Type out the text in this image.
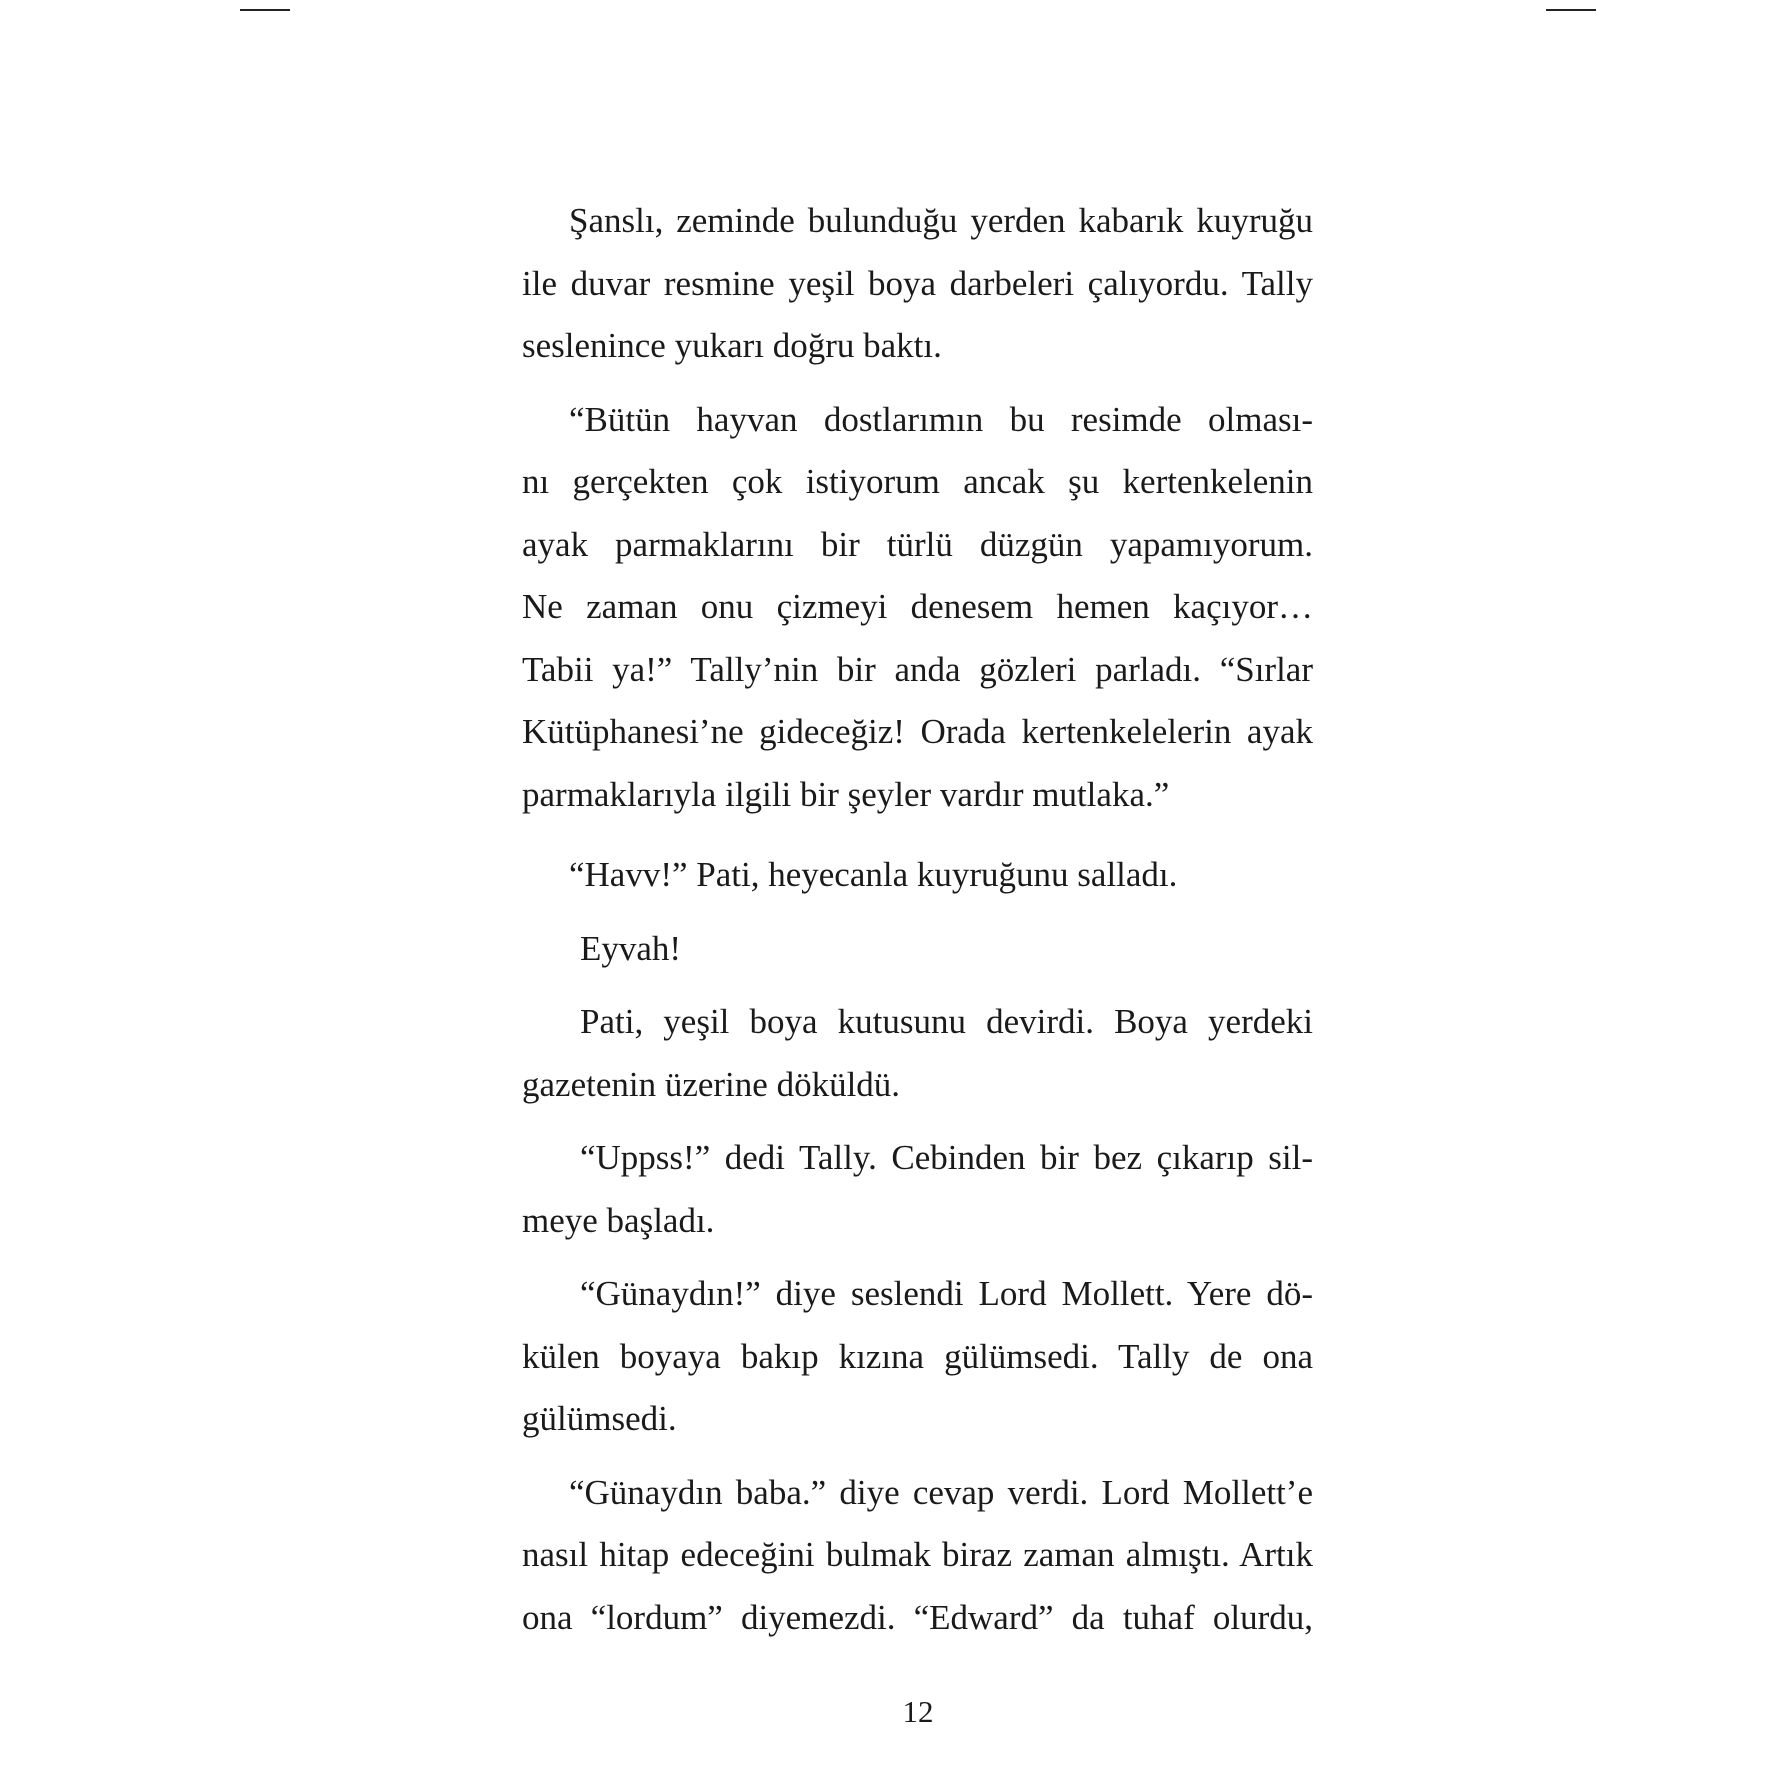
Şanslı, zeminde bulunduğu yerden kabarık kuyruğu
ile duvar resmine yeşil boya darbeleri çalıyordu. Tally
seslenince yukarı doğru baktı.
“Bütün hayvan dostlarımın bu resimde olması-
nı gerçekten çok istiyorum ancak şu kertenkelenin
ayak parmaklarını bir türlü düzgün yapamıyorum.
Ne zaman onu çizmeyi denesem hemen kaçıyor…
Tabii ya!” Tally’nin bir anda gözleri parladı. “Sırlar
Kütüphanesi’ne gideceğiz! Orada kertenkelelerin ayak
parmaklarıyla ilgili bir şeyler vardır mutlaka.”
“Havv!” Pati, heyecanla kuyruğunu salladı.
Eyvah!
Pati, yeşil boya kutusunu devirdi. Boya yerdeki
gazetenin üzerine döküldü.
“Uppss!” dedi Tally. Cebinden bir bez çıkarıp sil-
meye başladı.
“Günaydın!” diye seslendi Lord Mollett. Yere dö-
külen boyaya bakıp kızına gülümsedi. Tally de ona
gülümsedi.
“Günaydın baba.” diye cevap verdi. Lord Mollett’e
nasıl hitap edeceğini bulmak biraz zaman almıştı. Artık
ona “lordum” diyemezdi. “Edward” da tuhaf olurdu,
12
